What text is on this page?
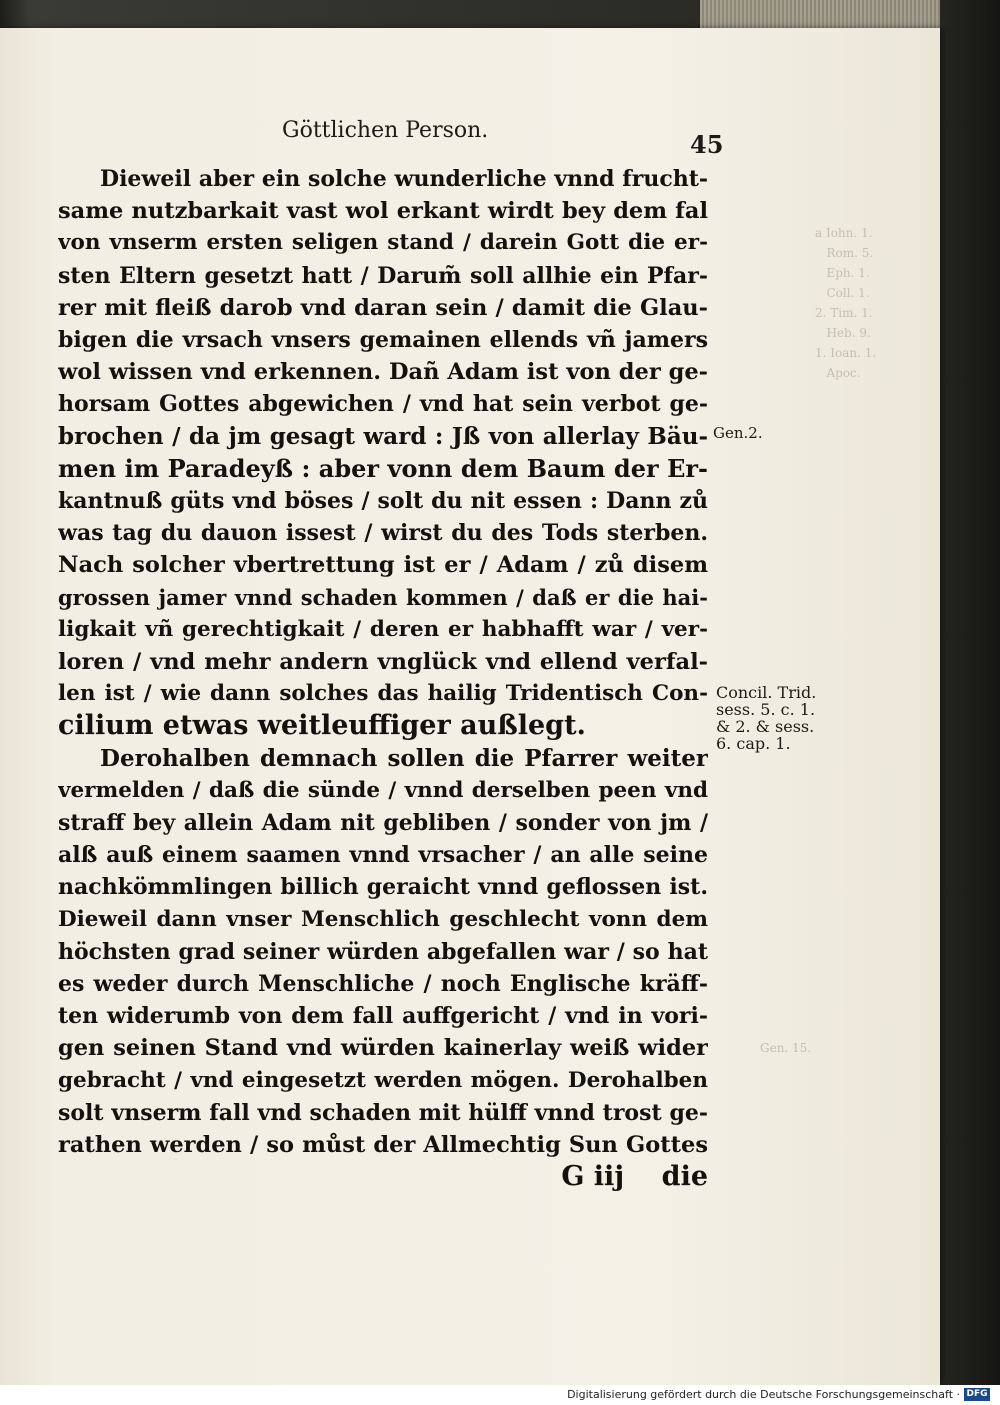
a Iohn. 1.
Rom. 5.
Eph. 1.
Coll. 1.
2. Tim. 1.
Heb. 9.
1. Ioan. 1.
Apoc.
Gen. 15.
Göttlichen Person.	45
Dieweil aber ein solche wunderliche vnnd frucht-
same nutzbarkait vast wol erkant wirdt bey dem fal
von vnserm ersten seligen stand / darein Gott die er-
sten Eltern gesetzt hatt / Darum̃ soll allhie ein Pfar-
rer mit fleiß darob vnd daran sein / damit die Glau-
bigen die vrsach vnsers gemainen ellends vñ jamers
wol wissen vnd erkennen. Dañ Adam ist von der ge-
horsam Gottes abgewichen / vnd hat sein verbot ge-
brochen / da jm gesagt ward : Jß von allerlay Bäu-
men im Paradeyß : aber vonn dem Baum der Er-
kantnuß güts vnd böses / solt du nit essen : Dann zů
was tag du dauon issest / wirst du des Tods sterben.
Nach solcher vbertrettung ist er / Adam / zů disem
grossen jamer vnnd schaden kommen / daß er die hai-
ligkait vñ gerechtigkait / deren er habhafft war / ver-
loren / vnd mehr andern vnglück vnd ellend verfal-
len ist / wie dann solches das hailig Tridentisch Con-
cilium etwas weitleuffiger außlegt.
Derohalben demnach sollen die Pfarrer weiter
vermelden / daß die sünde / vnnd derselben peen vnd
straff bey allein Adam nit gebliben / sonder von jm /
alß auß einem saamen vnnd vrsacher / an alle seine
nachkömmlingen billich geraicht vnnd geflossen ist.
Dieweil dann vnser Menschlich geschlecht vonn dem
höchsten grad seiner würden abgefallen war / so hat
es weder durch Menschliche / noch Englische kräff-
ten widerumb von dem fall auffgericht / vnd in vori-
gen seinen Stand vnd würden kainerlay weiß wider
gebracht / vnd eingesetzt werden mögen. Derohalben
solt vnserm fall vnd schaden mit hülff vnnd trost ge-
rathen werden / so můst der Allmechtig Sun Gottes
G iij    die
Gen.2.
Concil. Trid.
sess. 5. c. 1.
& 2. & sess.
6. cap. 1.
Digitalisierung gefördert durch die Deutsche Forschungsgemeinschaft · DFG
